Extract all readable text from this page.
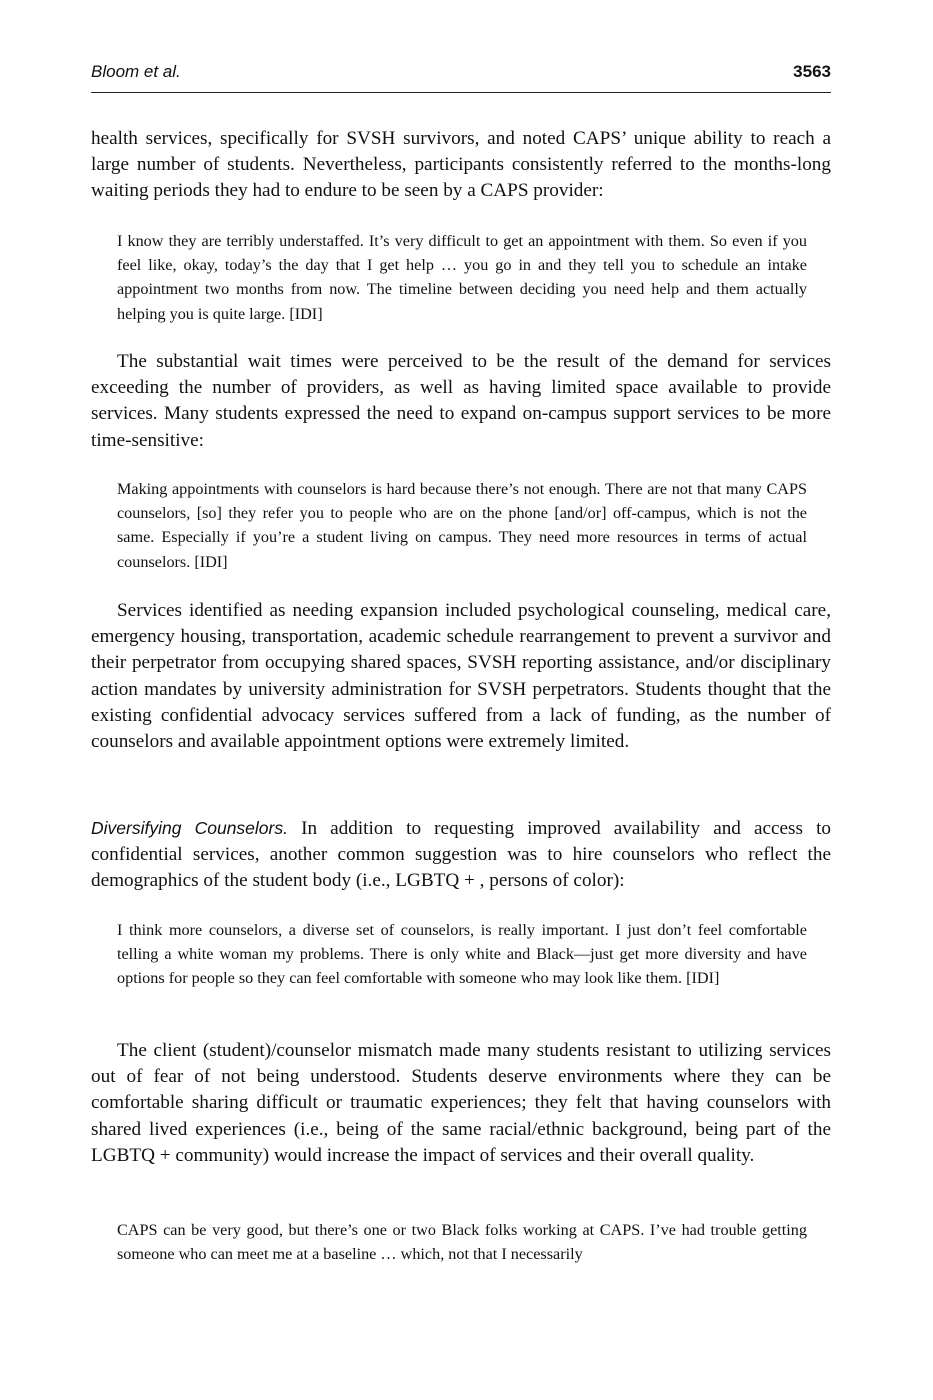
Bloom et al.	3563

health services, specifically for SVSH survivors, and noted CAPS’ unique ability to reach a large number of students. Nevertheless, participants consistently referred to the months-long waiting periods they had to endure to be seen by a CAPS provider:

I know they are terribly understaffed. It’s very difficult to get an appointment with them. So even if you feel like, okay, today’s the day that I get help … you go in and they tell you to schedule an intake appointment two months from now. The timeline between deciding you need help and them actually helping you is quite large. [IDI]

The substantial wait times were perceived to be the result of the demand for services exceeding the number of providers, as well as having limited space available to provide services. Many students expressed the need to expand on-campus support services to be more time-sensitive:

Making appointments with counselors is hard because there’s not enough. There are not that many CAPS counselors, [so] they refer you to people who are on the phone [and/or] off-campus, which is not the same. Especially if you’re a student living on campus. They need more resources in terms of actual counselors. [IDI]

Services identified as needing expansion included psychological counseling, medical care, emergency housing, transportation, academic schedule rearrangement to prevent a survivor and their perpetrator from occupying shared spaces, SVSH reporting assistance, and/or disciplinary action mandates by university administration for SVSH perpetrators. Students thought that the existing confidential advocacy services suffered from a lack of funding, as the number of counselors and available appointment options were extremely limited.

Diversifying Counselors. In addition to requesting improved availability and access to confidential services, another common suggestion was to hire counselors who reflect the demographics of the student body (i.e., LGBTQ + , persons of color):

I think more counselors, a diverse set of counselors, is really important. I just don’t feel comfortable telling a white woman my problems. There is only white and Black—just get more diversity and have options for people so they can feel comfortable with someone who may look like them. [IDI]

The client (student)/counselor mismatch made many students resistant to utilizing services out of fear of not being understood. Students deserve environments where they can be comfortable sharing difficult or traumatic experiences; they felt that having counselors with shared lived experiences (i.e., being of the same racial/ethnic background, being part of the LGBTQ + community) would increase the impact of services and their overall quality.

CAPS can be very good, but there’s one or two Black folks working at CAPS. I’ve had trouble getting someone who can meet me at a baseline … which, not that I necessarily
